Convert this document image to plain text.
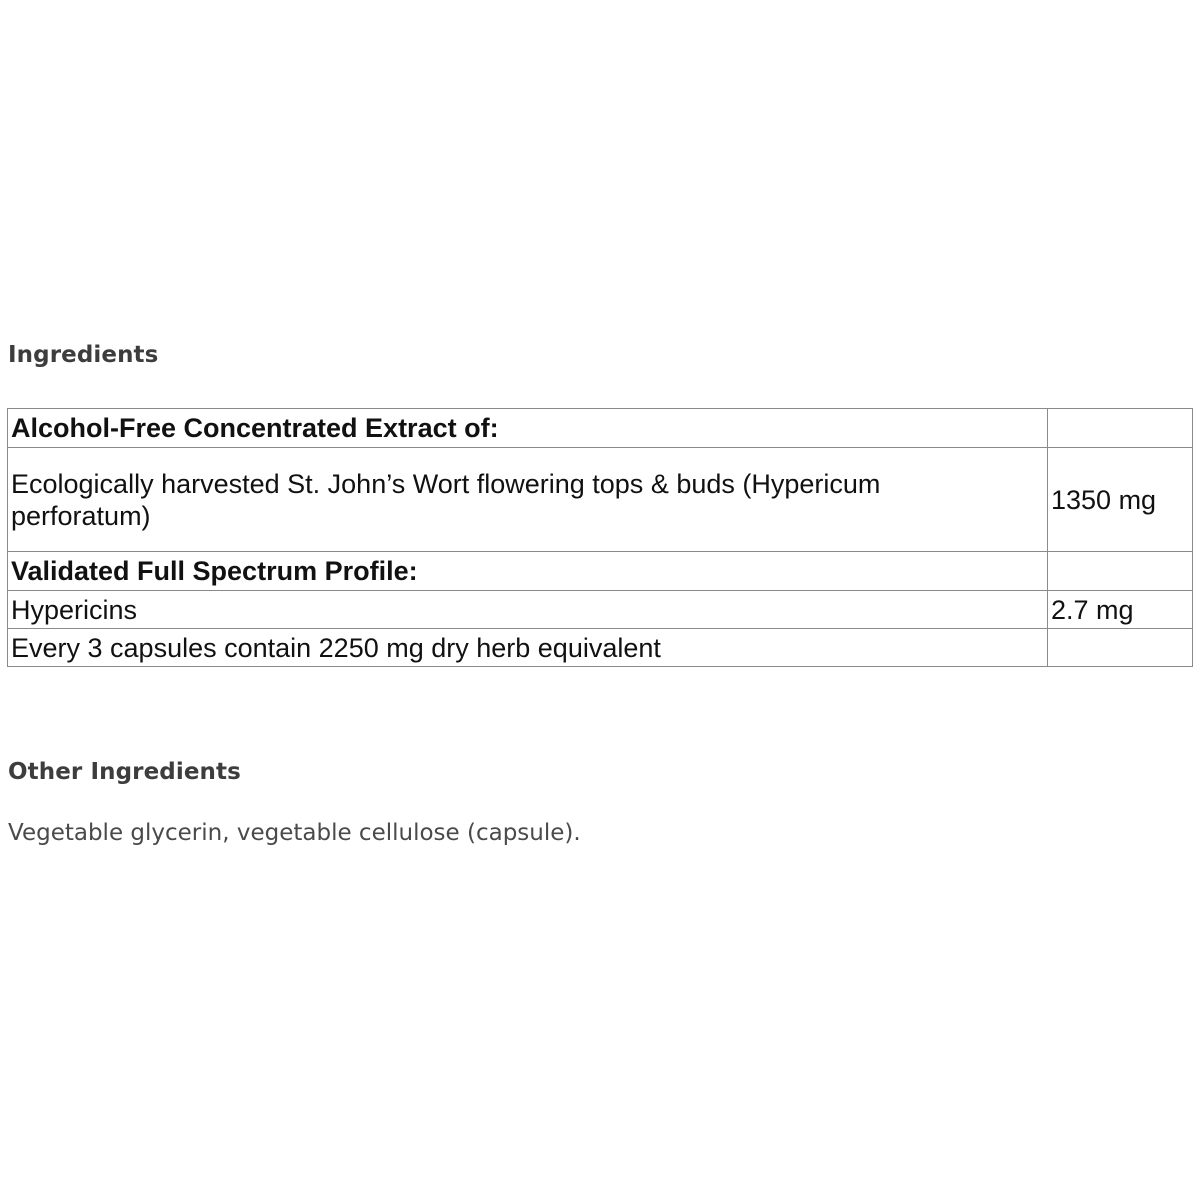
Ingredients
Alcohol-Free Concentrated Extract of:	
Ecologically harvested St. John’s Wort flowering tops & buds (Hypericum perforatum)	1350 mg
Validated Full Spectrum Profile:	
Hypericins	2.7 mg
Every 3 capsules contain 2250 mg dry herb equivalent	
Other Ingredients
Vegetable glycerin, vegetable cellulose (capsule).
